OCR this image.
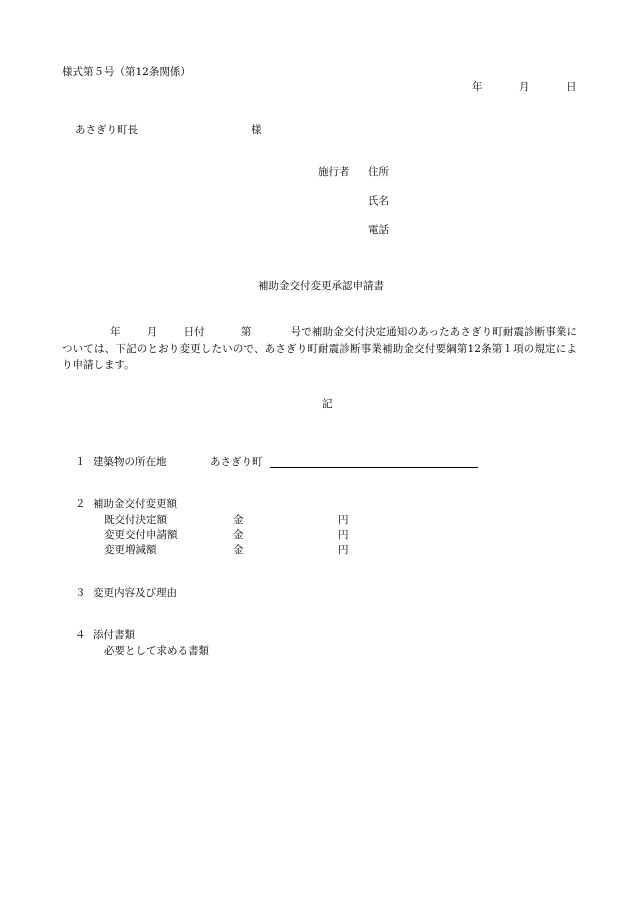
様式第５号（第12条関係）
年	月	日
あさぎり町長	様
施行者 住所
氏名
電話
補助金交付変更承認申請書
年 月 日付	第	号で補助金交付決定通知のあったあさぎり町耐震診断事業については、下記のとおり変更したいので、あさぎり町耐震診断事業補助金交付要綱第12条第１項の規定により申請します。
記
１ 建築物の所在地	あさぎり町
２ 補助金交付変更額
既交付決定額	金	円
変更交付申請額	金	円
変更増減額	金	円
３ 変更内容及び理由
４ 添付書類
必要として求める書類
